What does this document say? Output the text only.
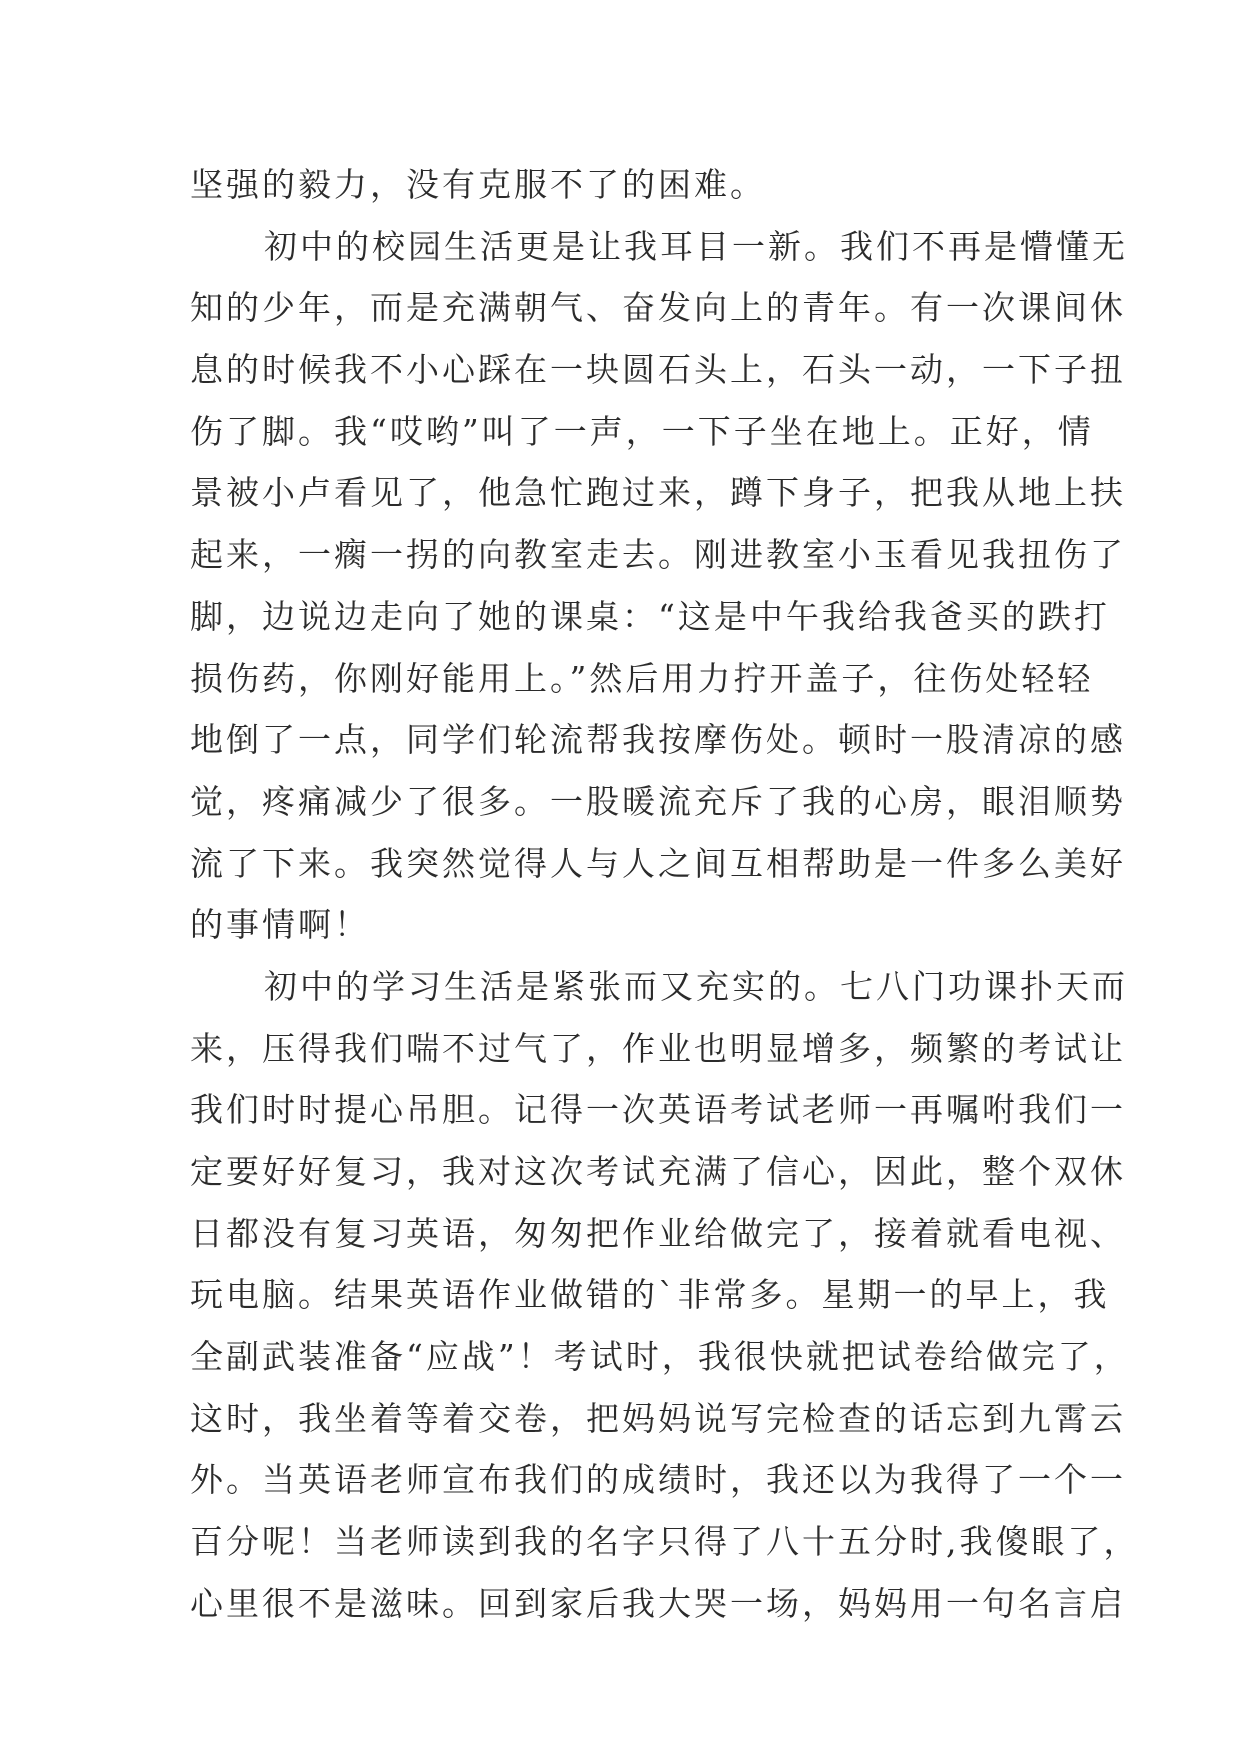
坚强的毅力，没有克服不了的困难。
初中的校园生活更是让我耳目一新。我们不再是懵懂无
知的少年，而是充满朝气、奋发向上的青年。有一次课间休
息的时候我不小心踩在一块圆石头上，石头一动，一下子扭
伤了脚。我“哎哟”叫了一声，一下子坐在地上。正好，情
景被小卢看见了，他急忙跑过来，蹲下身子，把我从地上扶
起来，一瘸一拐的向教室走去。刚进教室小玉看见我扭伤了
脚，边说边走向了她的课桌：“这是中午我给我爸买的跌打
损伤药，你刚好能用上。”然后用力拧开盖子，往伤处轻轻
地倒了一点，同学们轮流帮我按摩伤处。顿时一股清凉的感
觉，疼痛减少了很多。一股暖流充斥了我的心房，眼泪顺势
流了下来。我突然觉得人与人之间互相帮助是一件多么美好
的事情啊！
初中的学习生活是紧张而又充实的。七八门功课扑天而
来，压得我们喘不过气了，作业也明显增多，频繁的考试让
我们时时提心吊胆。记得一次英语考试老师一再嘱咐我们一
定要好好复习，我对这次考试充满了信心，因此，整个双休
日都没有复习英语，匆匆把作业给做完了，接着就看电视、
玩电脑。结果英语作业做错的`非常多。星期一的早上，我
全副武装准备“应战”！考试时，我很快就把试卷给做完了，
这时，我坐着等着交卷，把妈妈说写完检查的话忘到九霄云
外。当英语老师宣布我们的成绩时，我还以为我得了一个一
百分呢！当老师读到我的名字只得了八十五分时,我傻眼了，
心里很不是滋味。回到家后我大哭一场，妈妈用一句名言启
